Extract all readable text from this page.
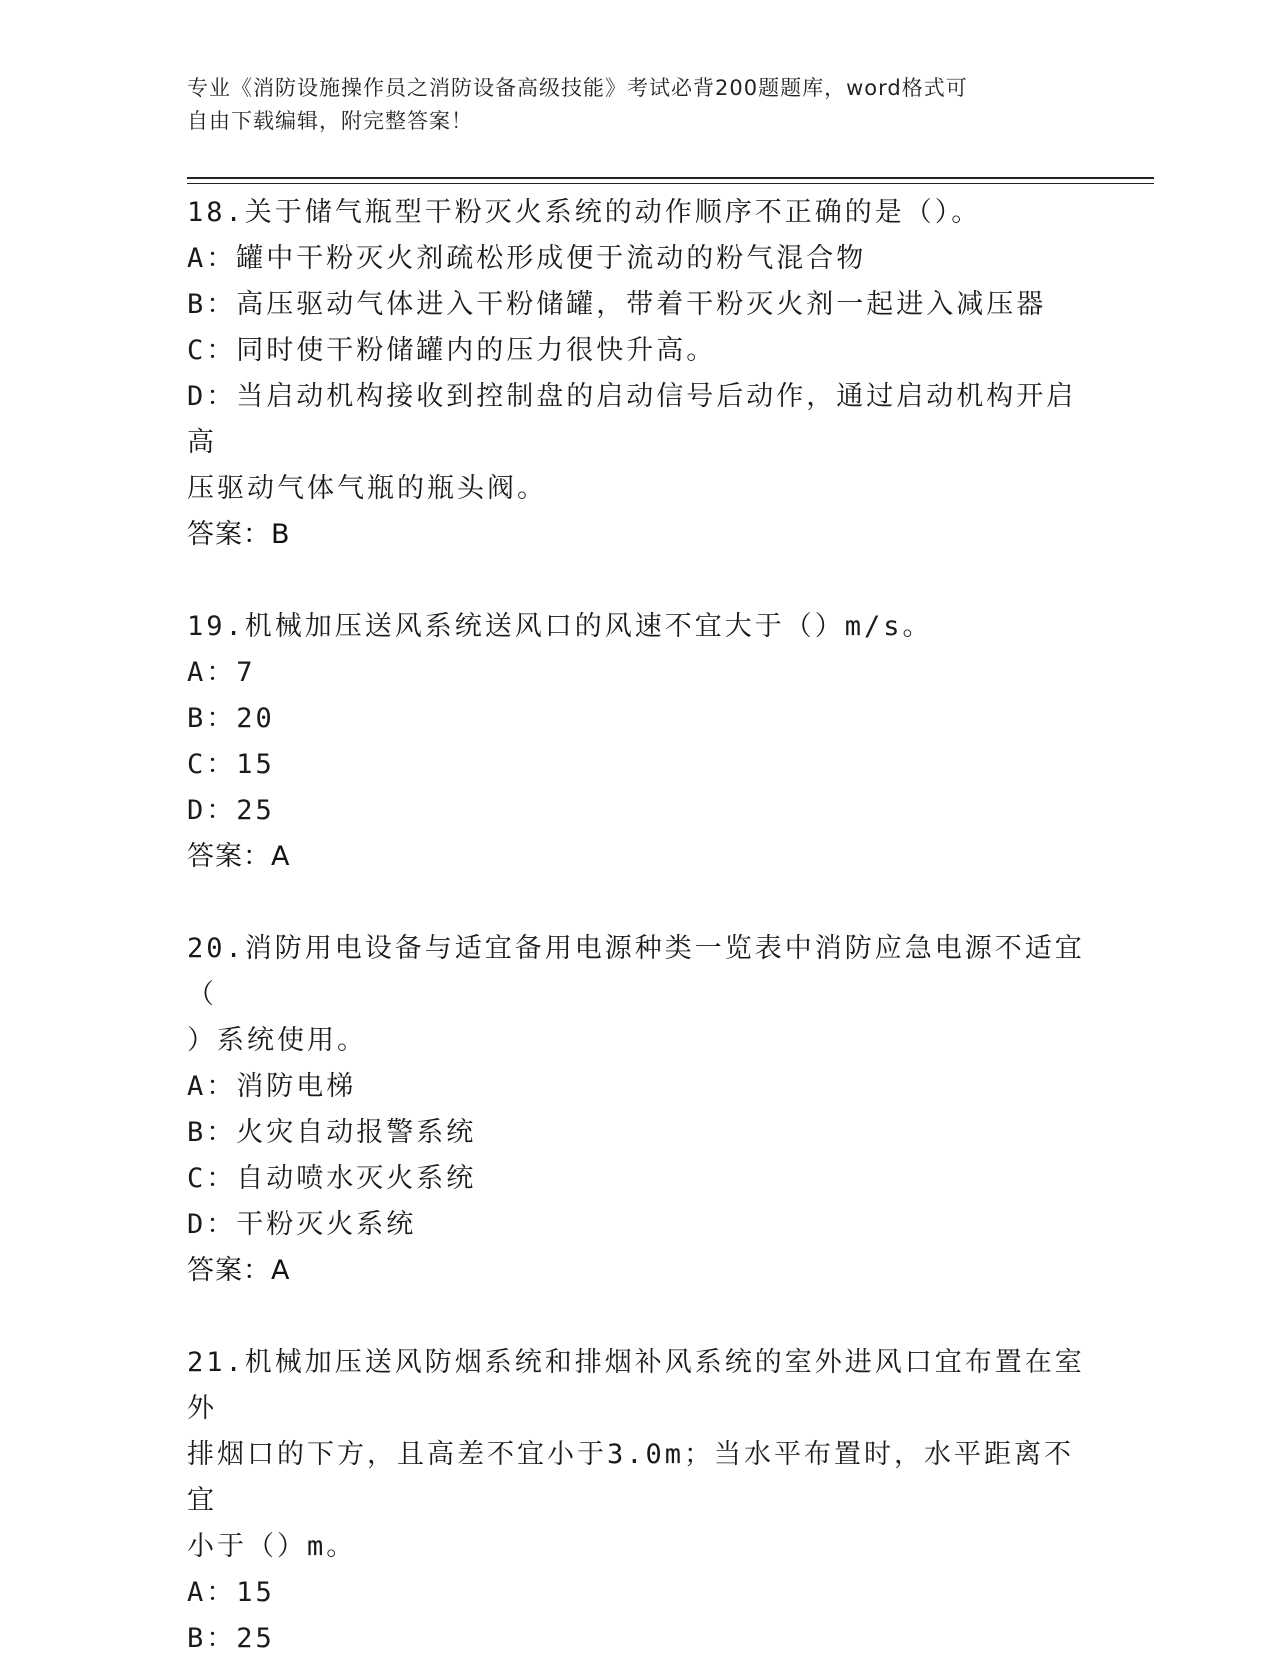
专业《消防设施操作员之消防设备高级技能》考试必背200题题库，word格式可
自由下载编辑，附完整答案！
18.关于储气瓶型干粉灭火系统的动作顺序不正确的是（）。
A：罐中干粉灭火剂疏松形成便于流动的粉气混合物
B：高压驱动气体进入干粉储罐，带着干粉灭火剂一起进入减压器
C：同时使干粉储罐内的压力很快升高。
D：当启动机构接收到控制盘的启动信号后动作，通过启动机构开启高
压驱动气体气瓶的瓶头阀。
答案：B
19.机械加压送风系统送风口的风速不宜大于（）m/s。
A：7
B：20
C：15
D：25
答案：A
20.消防用电设备与适宜备用电源种类一览表中消防应急电源不适宜（
）系统使用。
A：消防电梯
B：火灾自动报警系统
C：自动喷水灭火系统
D：干粉灭火系统
答案：A
21.机械加压送风防烟系统和排烟补风系统的室外进风口宜布置在室外
排烟口的下方，且高差不宜小于3.0m；当水平布置时，水平距离不宜
小于（）m。
A：15
B：25
